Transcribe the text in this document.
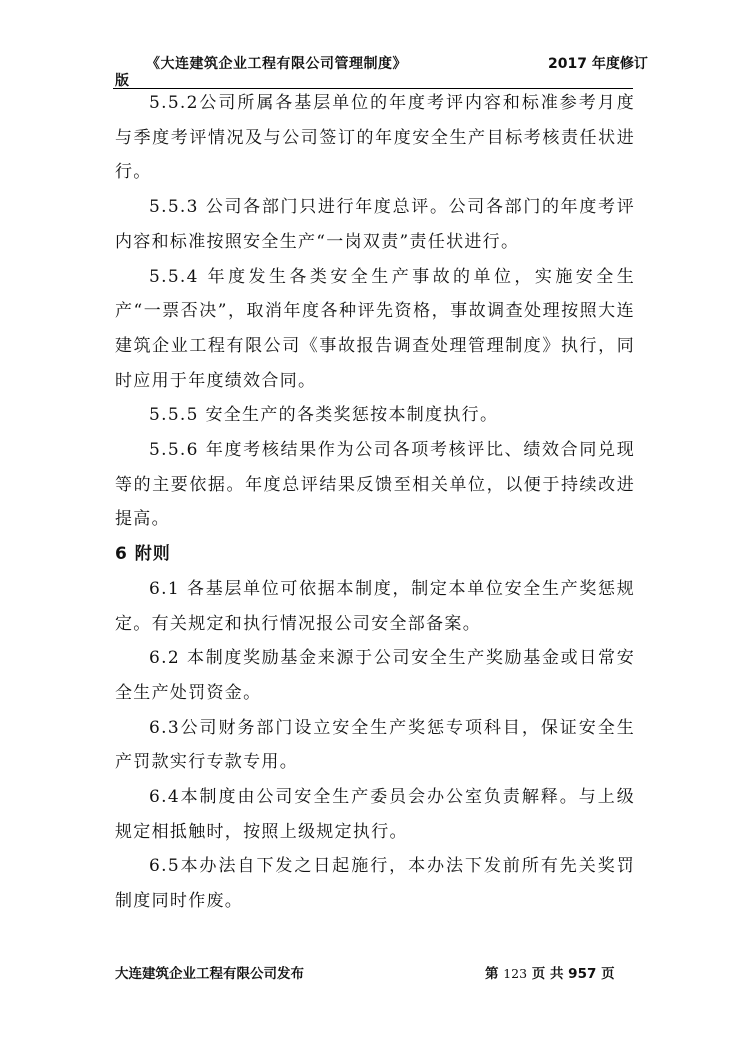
《大连建筑企业工程有限公司管理制度》	2017 年度修订
版

5.5.2公司所属各基层单位的年度考评内容和标准参考月度与季度考评情况及与公司签订的年度安全生产目标考核责任状进行。

5.5.3 公司各部门只进行年度总评。公司各部门的年度考评内容和标准按照安全生产“一岗双责”责任状进行。

5.5.4 年度发生各类安全生产事故的单位，实施安全生产“一票否决”，取消年度各种评先资格，事故调查处理按照大连建筑企业工程有限公司《事故报告调查处理管理制度》执行，同时应用于年度绩效合同。

5.5.5 安全生产的各类奖惩按本制度执行。

5.5.6 年度考核结果作为公司各项考核评比、绩效合同兑现等的主要依据。年度总评结果反馈至相关单位，以便于持续改进提高。

6 附则

6.1 各基层单位可依据本制度，制定本单位安全生产奖惩规定。有关规定和执行情况报公司安全部备案。

6.2 本制度奖励基金来源于公司安全生产奖励基金或日常安全生产处罚资金。

6.3公司财务部门设立安全生产奖惩专项科目，保证安全生产罚款实行专款专用。

6.4本制度由公司安全生产委员会办公室负责解释。与上级规定相抵触时，按照上级规定执行。

6.5本办法自下发之日起施行，本办法下发前所有先关奖罚制度同时作废。

大连建筑企业工程有限公司发布	第 123 页 共 957 页
